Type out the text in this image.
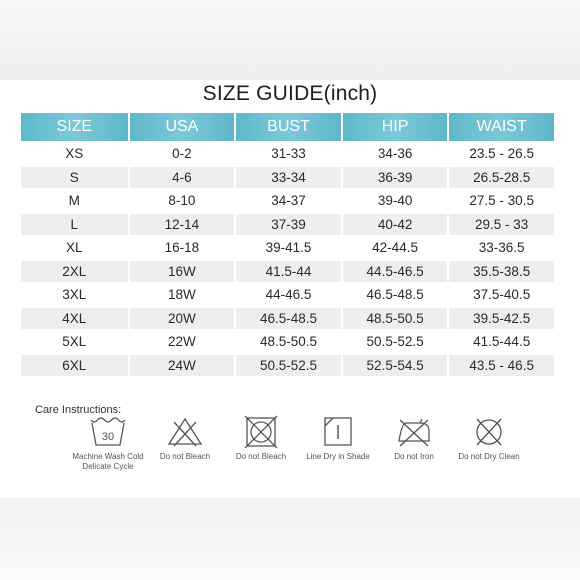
SIZE GUIDE(inch)
SIZE	USA	BUST	HIP	WAIST
XS	0-2	31-33	34-36	23.5 - 26.5
S	4-6	33-34	36-39	26.5-28.5
M	8-10	34-37	39-40	27.5 - 30.5
L	12-14	37-39	40-42	29.5 - 33
XL	16-18	39-41.5	42-44.5	33-36.5
2XL	16W	41.5-44	44.5-46.5	35.5-38.5
3XL	18W	44-46.5	46.5-48.5	37.5-40.5
4XL	20W	46.5-48.5	48.5-50.5	39.5-42.5
5XL	22W	48.5-50.5	50.5-52.5	41.5-44.5
6XL	24W	50.5-52.5	52.5-54.5	43.5 - 46.5
Care Instructions:
30
Machine Wash Cold
Delicate Cycle
Do not Bleach	Do not Bleach	Line Dry in Shade	Do not Iron	Do not Dry Clean
